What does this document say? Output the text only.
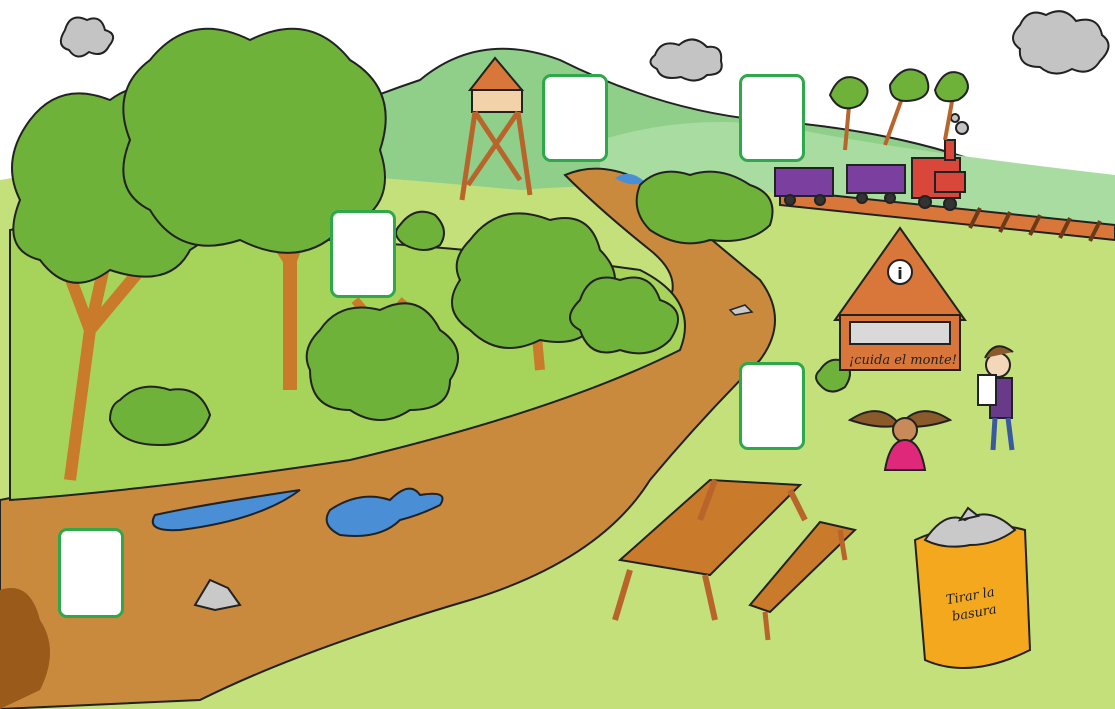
i
¡cuida el monte!
Tirar la
basura
